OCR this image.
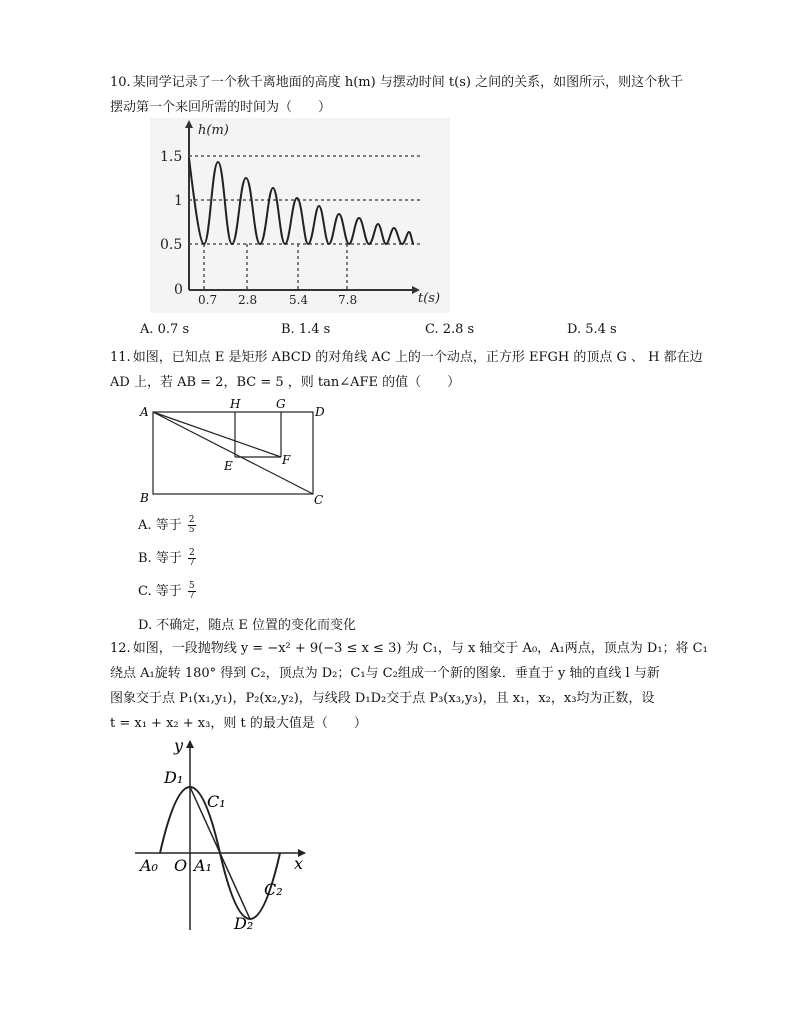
10. 某同学记录了一个秋千离地面的高度 h(m) 与摆动时间 t(s) 之间的关系，如图所示，则这个秋千

摆动第一个来回所需的时间为（　　）

h(m)
t(s)
0
1.5
1
0.5
0.7 2.8	5.4 7.8
A. 0.7 s	B. 1.4 s	C. 2.8 s	D. 5.4 s

11. 如图，已知点 E 是矩形 ABCD 的对角线 AC 上的一个动点，正方形 EFGH 的顶点 G 、 H 都在边

AD 上，若 AB = 2，BC = 5 ，则 tan∠AFE 的值（　　）

A
H	G
D
E	F
B	C
A. 等于 $\frac{2}{5}$
B. 等于 $\frac{2}{7}$
C. 等于 $\frac{5}{7}$
D. 不确定，随点 E 位置的变化而变化

12. 如图，一段抛物线 y = −x² + 9(−3 ≤ x ≤ 3) 为 C₁，与 x 轴交于 A₀，A₁两点，顶点为 D₁；将 C₁

绕点 A₁旋转 180° 得到 C₂，顶点为 D₂；C₁与 C₂组成一个新的图象．垂直于 y 轴的直线 l 与新

图象交于点 P₁(x₁,y₁)，P₂(x₂,y₂)，与线段 D₁D₂交于点 P₃(x₃,y₃)，且 x₁，x₂，x₃均为正数，设

t = x₁ + x₂ + x₃，则 t 的最大值是（　　）

y
x
D₁
C₁
A₀ O A₁
C₂
D₂
